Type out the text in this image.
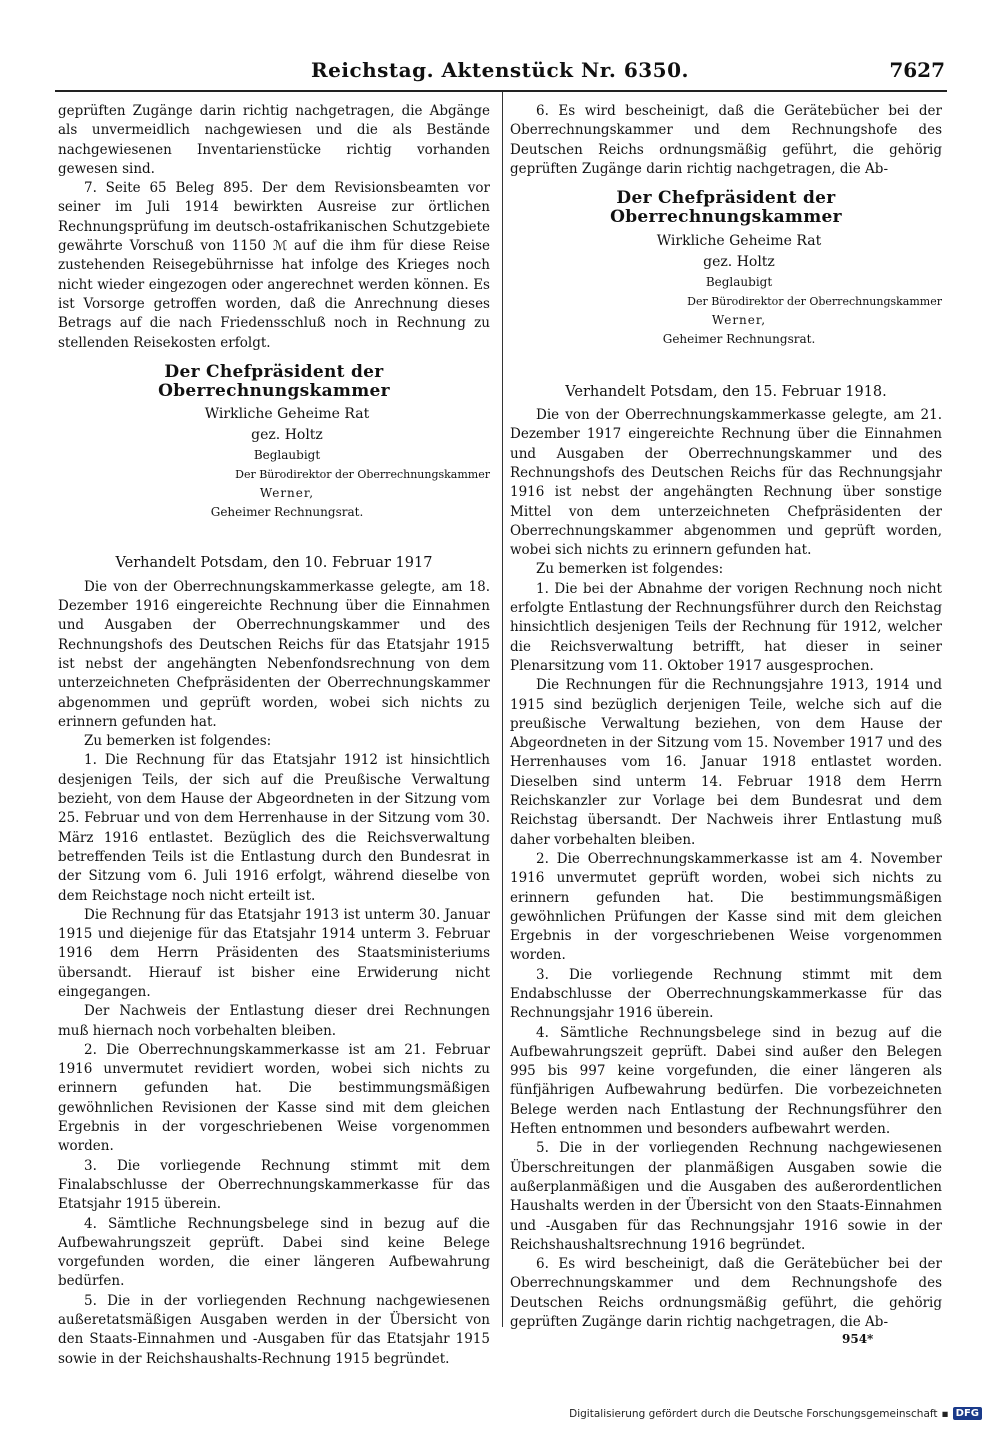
Reichstag. Aktenstück Nr. 6350.	7627

geprüften Zugänge darin richtig nachgetragen, die Abgänge als unvermeidlich nachgewiesen und die als Bestände nachgewiesenen Inventarienstücke richtig vorhanden gewesen sind.

7. Seite 65 Beleg 895. Der dem Revisionsbeamten vor seiner im Juli 1914 bewirkten Ausreise zur örtlichen Rechnungsprüfung im deutsch-ostafrikanischen Schutzgebiete gewährte Vorschuß von 1150 ℳ auf die ihm für diese Reise zustehenden Reisegebührnisse hat infolge des Krieges noch nicht wieder eingezogen oder angerechnet werden können. Es ist Vorsorge getroffen worden, daß die Anrechnung dieses Betrags auf die nach Friedensschluß noch in Rechnung zu stellenden Reisekosten erfolgt.

Der Chefpräsident der Oberrechnungskammer

Wirkliche Geheime Rat

gez. Holtz

Beglaubigt

Der Bürodirektor der Oberrechnungskammer

Werner,

Geheimer Rechnungsrat.

Verhandelt Potsdam, den 10. Februar 1917

Die von der Oberrechnungskammerkasse gelegte, am 18. Dezember 1916 eingereichte Rechnung über die Einnahmen und Ausgaben der Oberrechnungskammer und des Rechnungshofs des Deutschen Reichs für das Etatsjahr 1915 ist nebst der angehängten Nebenfondsrechnung von dem unterzeichneten Chefpräsidenten der Oberrechnungskammer abgenommen und geprüft worden, wobei sich nichts zu erinnern gefunden hat.

Zu bemerken ist folgendes:

1. Die Rechnung für das Etatsjahr 1912 ist hinsichtlich desjenigen Teils, der sich auf die Preußische Verwaltung bezieht, von dem Hause der Abgeordneten in der Sitzung vom 25. Februar und von dem Herrenhause in der Sitzung vom 30. März 1916 entlastet. Bezüglich des die Reichsverwaltung betreffenden Teils ist die Entlastung durch den Bundesrat in der Sitzung vom 6. Juli 1916 erfolgt, während dieselbe von dem Reichstage noch nicht erteilt ist.

Die Rechnung für das Etatsjahr 1913 ist unterm 30. Januar 1915 und diejenige für das Etatsjahr 1914 unterm 3. Februar 1916 dem Herrn Präsidenten des Staatsministeriums übersandt. Hierauf ist bisher eine Erwiderung nicht eingegangen.

Der Nachweis der Entlastung dieser drei Rechnungen muß hiernach noch vorbehalten bleiben.

2. Die Oberrechnungskammerkasse ist am 21. Februar 1916 unvermutet revidiert worden, wobei sich nichts zu erinnern gefunden hat. Die bestimmungsmäßigen gewöhnlichen Revisionen der Kasse sind mit dem gleichen Ergebnis in der vorgeschriebenen Weise vorgenommen worden.

3. Die vorliegende Rechnung stimmt mit dem Finalabschlusse der Oberrechnungskammerkasse für das Etatsjahr 1915 überein.

4. Sämtliche Rechnungsbelege sind in bezug auf die Aufbewahrungszeit geprüft. Dabei sind keine Belege vorgefunden worden, die einer längeren Aufbewahrung bedürfen.

5. Die in der vorliegenden Rechnung nachgewiesenen außeretatsmäßigen Ausgaben werden in der Übersicht von den Staats-Einnahmen und -Ausgaben für das Etatsjahr 1915 sowie in der Reichshaushalts-Rechnung 1915 begründet.

6. Es wird bescheinigt, daß die Gerätebücher bei der Oberrechnungskammer und dem Rechnungshofe des Deutschen Reichs ordnungsmäßig geführt, die gehörig geprüften Zugänge darin richtig nachgetragen, die Ab-

Der Chefpräsident der Oberrechnungskammer

Wirkliche Geheime Rat

gez. Holtz

Beglaubigt

Der Bürodirektor der Oberrechnungskammer

Werner,

Geheimer Rechnungsrat.

Verhandelt Potsdam, den 15. Februar 1918.

Die von der Oberrechnungskammerkasse gelegte, am 21. Dezember 1917 eingereichte Rechnung über die Einnahmen und Ausgaben der Oberrechnungskammer und des Rechnungshofs des Deutschen Reichs für das Rechnungsjahr 1916 ist nebst der angehängten Rechnung über sonstige Mittel von dem unterzeichneten Chefpräsidenten der Oberrechnungskammer abgenommen und geprüft worden, wobei sich nichts zu erinnern gefunden hat.

Zu bemerken ist folgendes:

1. Die bei der Abnahme der vorigen Rechnung noch nicht erfolgte Entlastung der Rechnungsführer durch den Reichstag hinsichtlich desjenigen Teils der Rechnung für 1912, welcher die Reichsverwaltung betrifft, hat dieser in seiner Plenarsitzung vom 11. Oktober 1917 ausgesprochen.

Die Rechnungen für die Rechnungsjahre 1913, 1914 und 1915 sind bezüglich derjenigen Teile, welche sich auf die preußische Verwaltung beziehen, von dem Hause der Abgeordneten in der Sitzung vom 15. November 1917 und des Herrenhauses vom 16. Januar 1918 entlastet worden. Dieselben sind unterm 14. Februar 1918 dem Herrn Reichskanzler zur Vorlage bei dem Bundesrat und dem Reichstag übersandt. Der Nachweis ihrer Entlastung muß daher vorbehalten bleiben.

2. Die Oberrechnungskammerkasse ist am 4. November 1916 unvermutet geprüft worden, wobei sich nichts zu erinnern gefunden hat. Die bestimmungsmäßigen gewöhnlichen Prüfungen der Kasse sind mit dem gleichen Ergebnis in der vorgeschriebenen Weise vorgenommen worden.

3. Die vorliegende Rechnung stimmt mit dem Endabschlusse der Oberrechnungskammerkasse für das Rechnungsjahr 1916 überein.

4. Sämtliche Rechnungsbelege sind in bezug auf die Aufbewahrungszeit geprüft. Dabei sind außer den Belegen 995 bis 997 keine vorgefunden, die einer längeren als fünfjährigen Aufbewahrung bedürfen. Die vorbezeichneten Belege werden nach Entlastung der Rechnungsführer den Heften entnommen und besonders aufbewahrt werden.

5. Die in der vorliegenden Rechnung nachgewiesenen Überschreitungen der planmäßigen Ausgaben sowie die außerplanmäßigen und die Ausgaben des außerordentlichen Haushalts werden in der Übersicht von den Staats-Einnahmen und -Ausgaben für das Rechnungsjahr 1916 sowie in der Reichshaushaltsrechnung 1916 begründet.

6. Es wird bescheinigt, daß die Gerätebücher bei der Oberrechnungskammer und dem Rechnungshofe des Deutschen Reichs ordnungsmäßig geführt, die gehörig geprüften Zugänge darin richtig nachgetragen, die Ab-

954*
Digitalisierung gefördert durch die Deutsche Forschungsgemeinschaft ▪ DFG
